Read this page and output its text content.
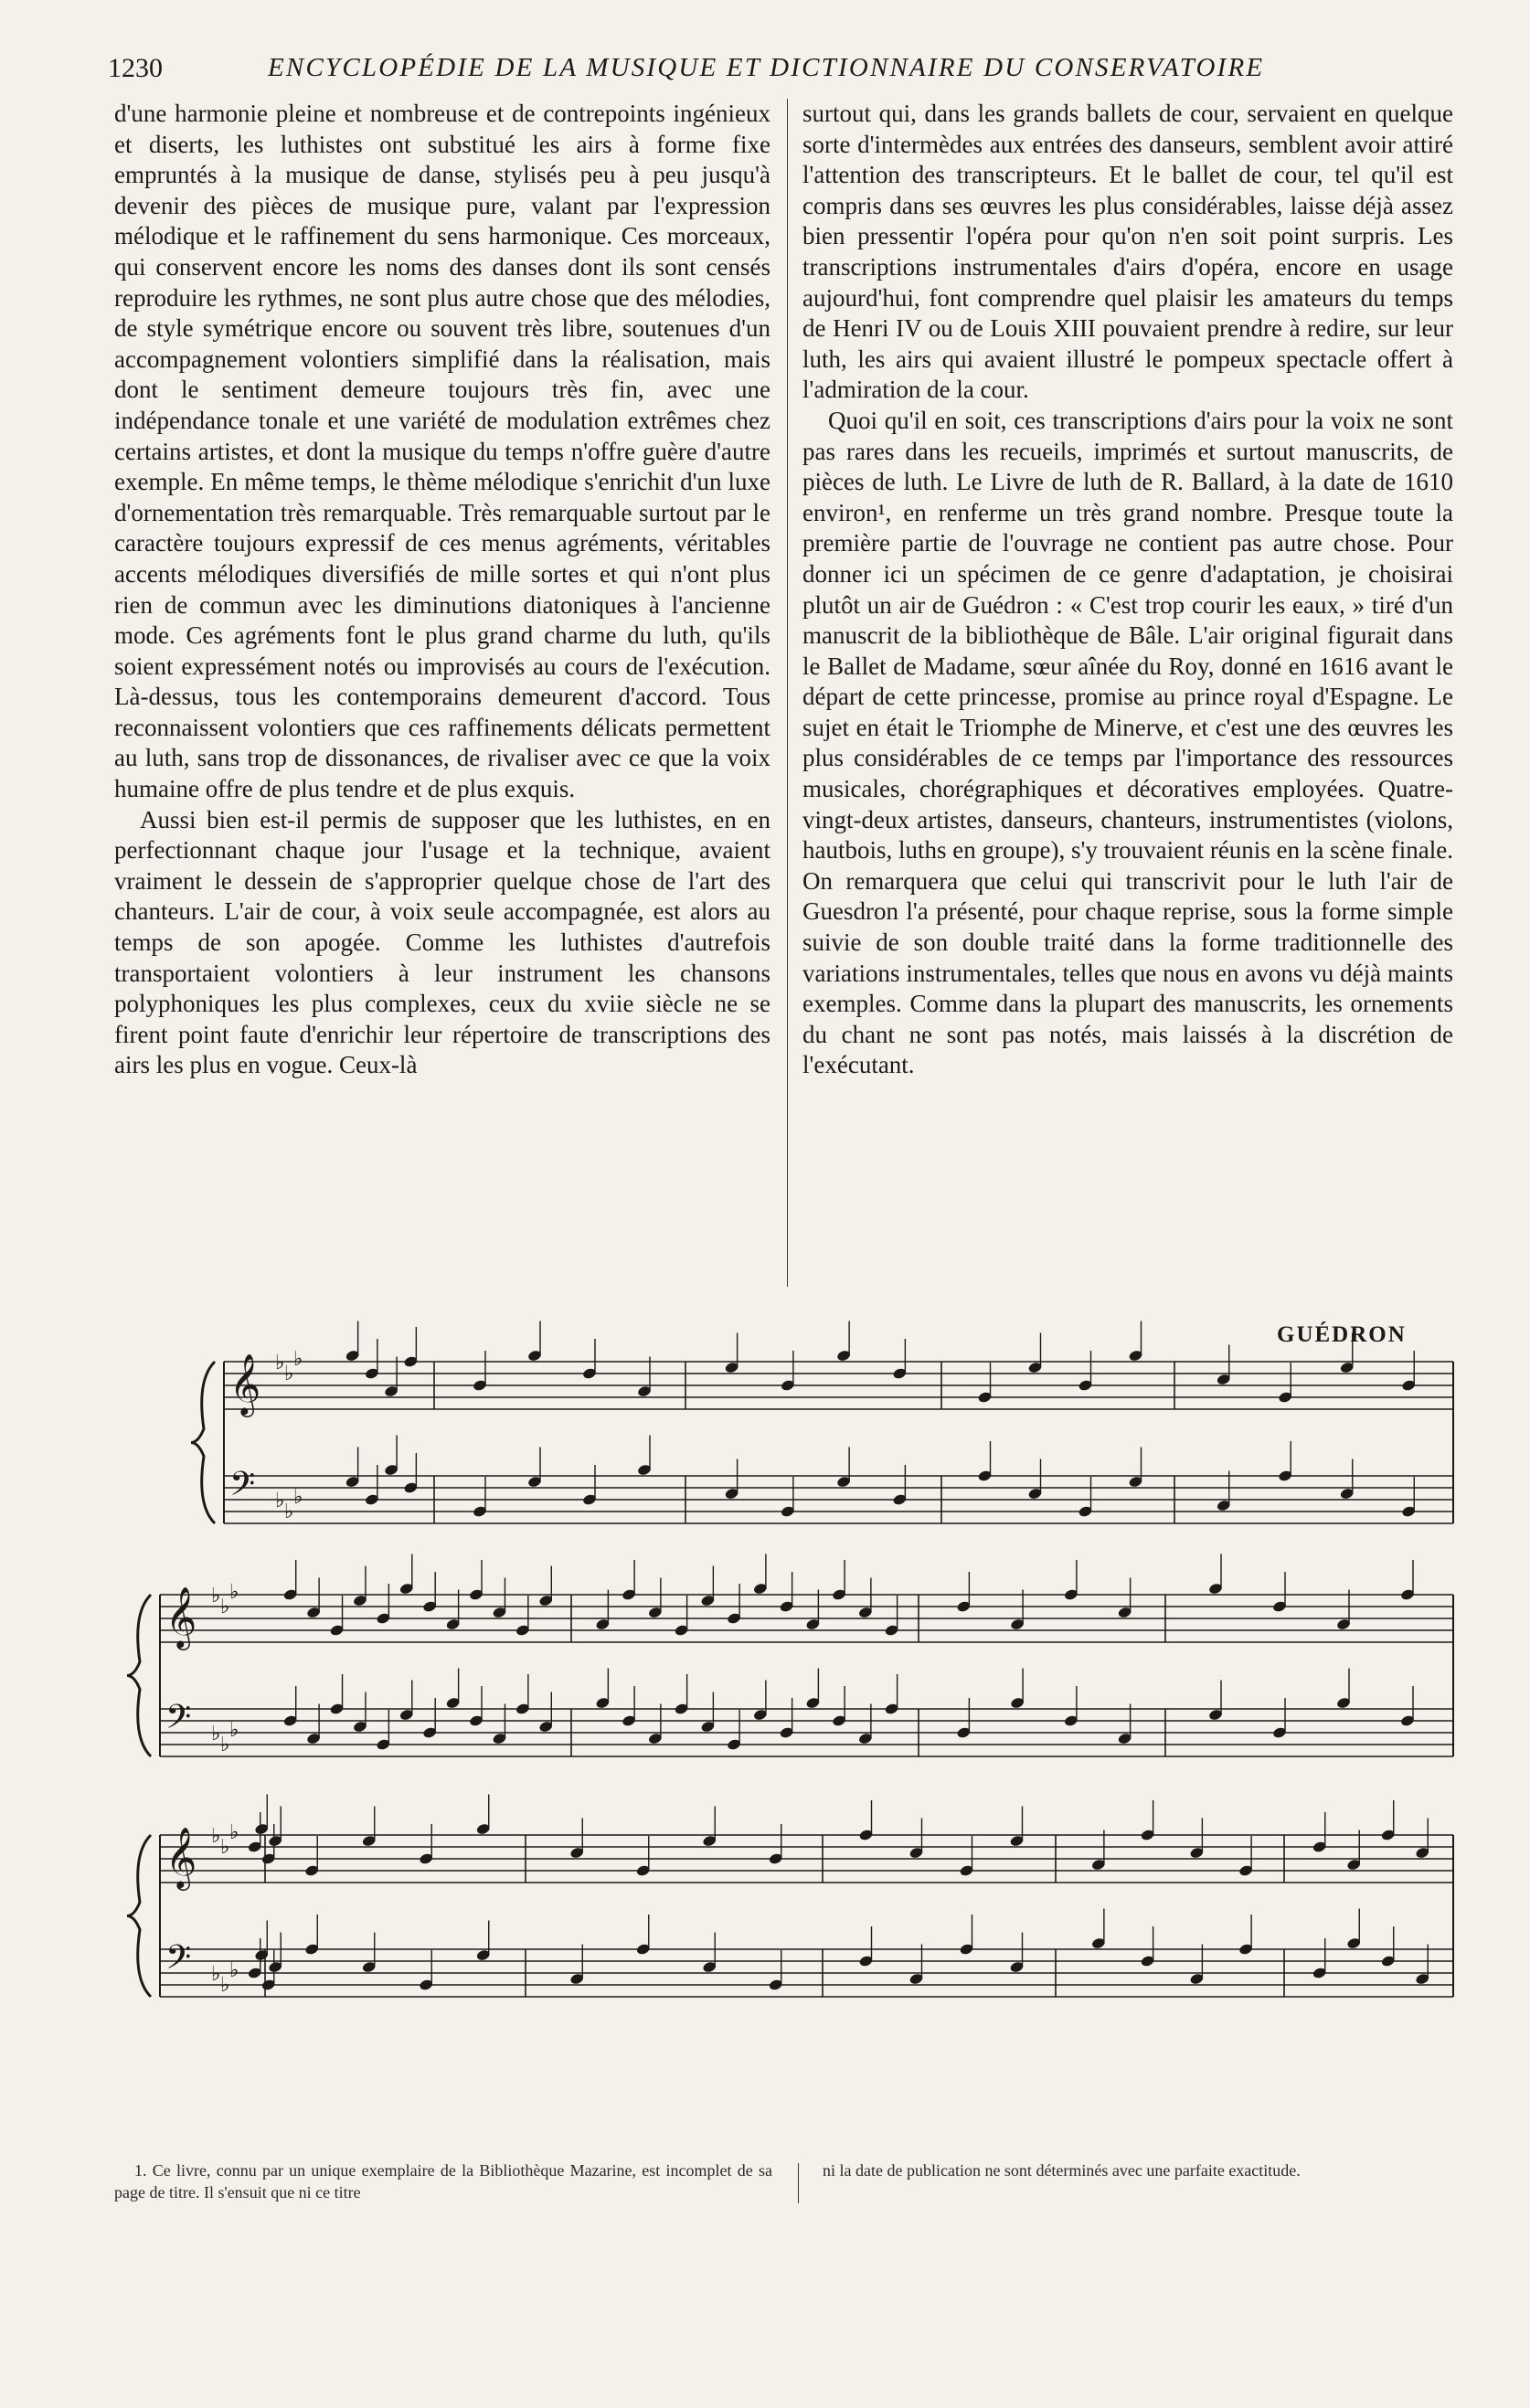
1230	ENCYCLOPÉDIE DE LA MUSIQUE ET DICTIONNAIRE DU CONSERVATOIRE

d'une harmonie pleine et nombreuse et de contrepoints ingénieux et diserts, les luthistes ont substitué les airs à forme fixe empruntés à la musique de danse, stylisés peu à peu jusqu'à devenir des pièces de musique pure, valant par l'expression mélodique et le raffinement du sens harmonique. Ces morceaux, qui conservent encore les noms des danses dont ils sont censés reproduire les rythmes, ne sont plus autre chose que des mélodies, de style symétrique encore ou souvent très libre, soutenues d'un accompagnement volontiers simplifié dans la réalisation, mais dont le sentiment demeure toujours très fin, avec une indépendance tonale et une variété de modulation extrêmes chez certains artistes, et dont la musique du temps n'offre guère d'autre exemple. En même temps, le thème mélodique s'enrichit d'un luxe d'ornementation très remarquable. Très remarquable surtout par le caractère toujours expressif de ces menus agréments, véritables accents mélodiques diversifiés de mille sortes et qui n'ont plus rien de commun avec les diminutions diatoniques à l'ancienne mode. Ces agréments font le plus grand charme du luth, qu'ils soient expressément notés ou improvisés au cours de l'exécution. Là-dessus, tous les contemporains demeurent d'accord. Tous reconnaissent volontiers que ces raffinements délicats permettent au luth, sans trop de dissonances, de rivaliser avec ce que la voix humaine offre de plus tendre et de plus exquis.

Aussi bien est-il permis de supposer que les luthistes, en en perfectionnant chaque jour l'usage et la technique, avaient vraiment le dessein de s'approprier quelque chose de l'art des chanteurs. L'air de cour, à voix seule accompagnée, est alors au temps de son apogée. Comme les luthistes d'autrefois transportaient volontiers à leur instrument les chansons polyphoniques les plus complexes, ceux du xviie siècle ne se firent point faute d'enrichir leur répertoire de transcriptions des airs les plus en vogue. Ceux-là

surtout qui, dans les grands ballets de cour, servaient en quelque sorte d'intermèdes aux entrées des danseurs, semblent avoir attiré l'attention des transcripteurs. Et le ballet de cour, tel qu'il est compris dans ses œuvres les plus considérables, laisse déjà assez bien pressentir l'opéra pour qu'on n'en soit point surpris. Les transcriptions instrumentales d'airs d'opéra, encore en usage aujourd'hui, font comprendre quel plaisir les amateurs du temps de Henri IV ou de Louis XIII pouvaient prendre à redire, sur leur luth, les airs qui avaient illustré le pompeux spectacle offert à l'admiration de la cour.

Quoi qu'il en soit, ces transcriptions d'airs pour la voix ne sont pas rares dans les recueils, imprimés et surtout manuscrits, de pièces de luth. Le Livre de luth de R. Ballard, à la date de 1610 environ¹, en renferme un très grand nombre. Presque toute la première partie de l'ouvrage ne contient pas autre chose. Pour donner ici un spécimen de ce genre d'adaptation, je choisirai plutôt un air de Guédron : « C'est trop courir les eaux, » tiré d'un manuscrit de la bibliothèque de Bâle. L'air original figurait dans le Ballet de Madame, sœur aînée du Roy, donné en 1616 avant le départ de cette princesse, promise au prince royal d'Espagne. Le sujet en était le Triomphe de Minerve, et c'est une des œuvres les plus considérables de ce temps par l'importance des ressources musicales, chorégraphiques et décoratives employées. Quatre-vingt-deux artistes, danseurs, chanteurs, instrumentistes (violons, hautbois, luths en groupe), s'y trouvaient réunis en la scène finale. On remarquera que celui qui transcrivit pour le luth l'air de Guesdron l'a présenté, pour chaque reprise, sous la forme simple suivie de son double traité dans la forme traditionnelle des variations instrumentales, telles que nous en avons vu déjà maints exemples. Comme dans la plupart des manuscrits, les ornements du chant ne sont pas notés, mais laissés à la discrétion de l'exécutant.

GUÉDRON
𝄞 ♭ ♭
♭
𝄢 ♭ ♭
♭
𝄞 ♭ ♭
♭
𝄢 ♭ ♭
♭
𝄞 ♭ ♭
♭
𝄢 ♭ ♭
♭
1. Ce livre, connu par un unique exemplaire de la Bibliothèque Mazarine, est incomplet de sa page de titre. Il s'ensuit que ni ce titre
ni la date de publication ne sont déterminés avec une parfaite exactitude.
